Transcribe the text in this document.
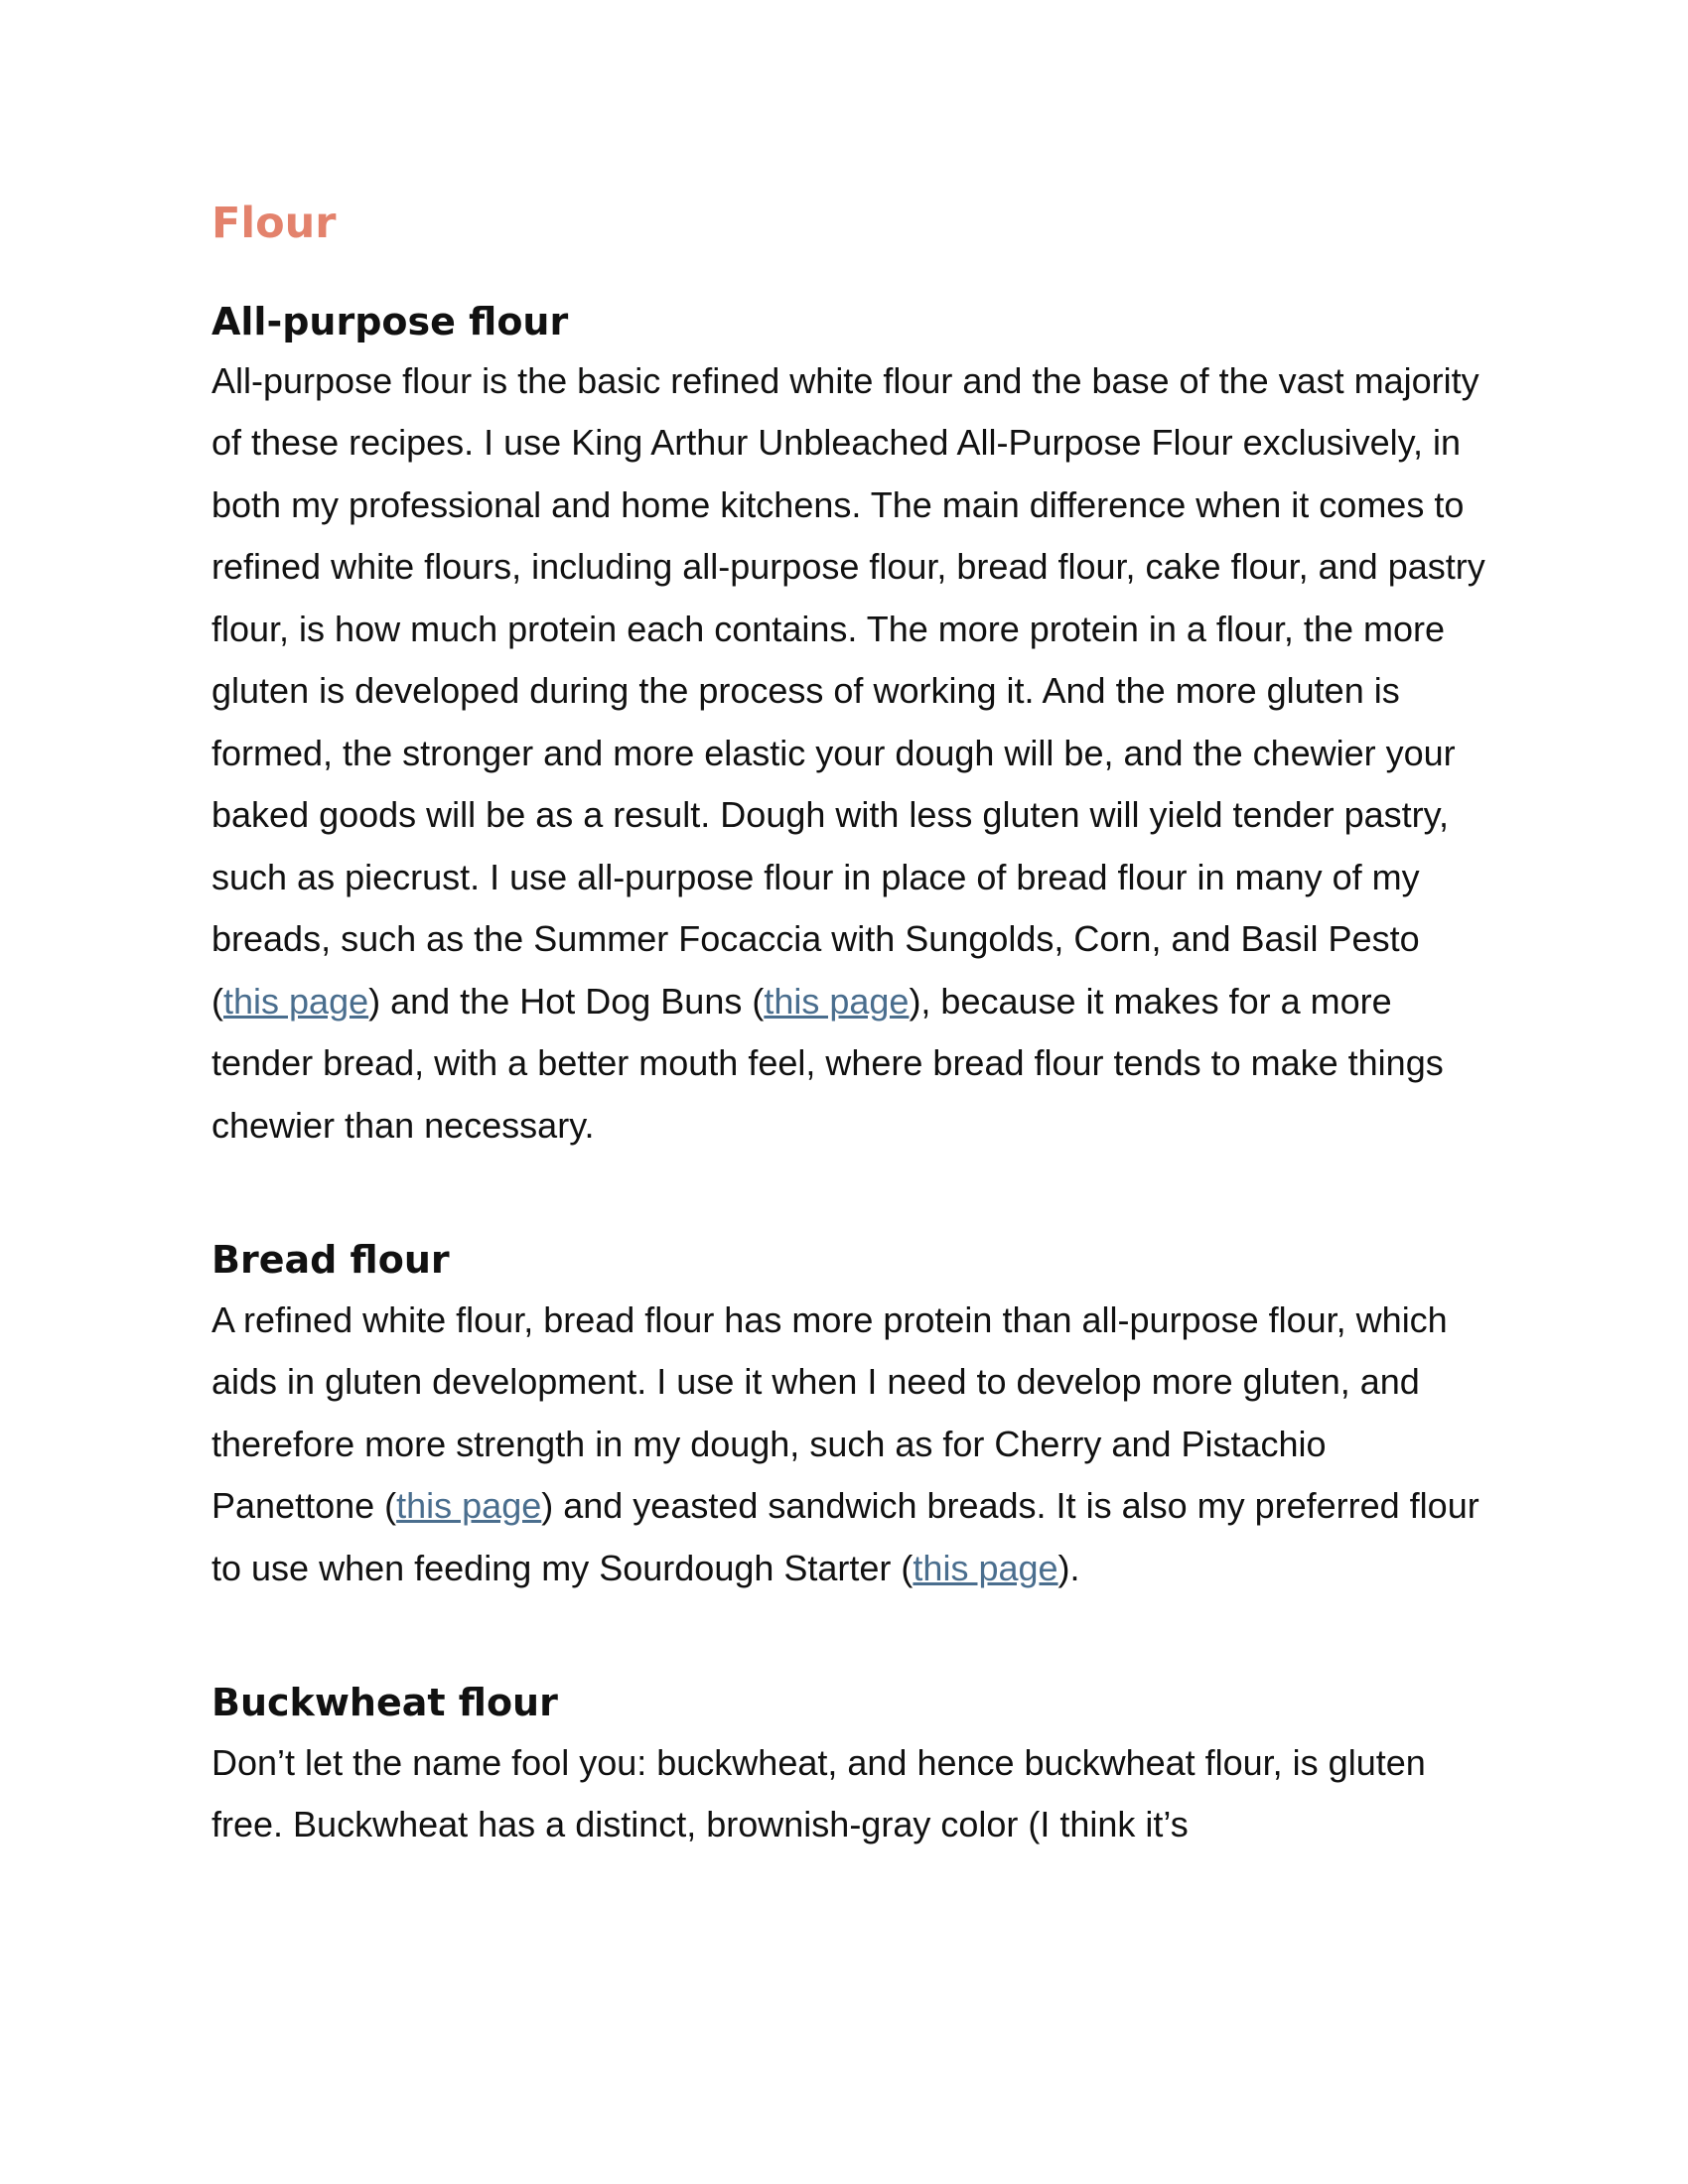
Flour
All-purpose flour

All-purpose flour is the basic refined white flour and the base of the vast majority of these recipes. I use King Arthur Unbleached All-Purpose Flour exclusively, in both my professional and home kitchens. The main difference when it comes to refined white flours, including all-purpose flour, bread flour, cake flour, and pastry flour, is how much protein each contains. The more protein in a flour, the more gluten is developed during the process of working it. And the more gluten is formed, the stronger and more elastic your dough will be, and the chewier your baked goods will be as a result. Dough with less gluten will yield tender pastry, such as piecrust. I use all-purpose flour in place of bread flour in many of my breads, such as the Summer Focaccia with Sungolds, Corn, and Basil Pesto (this page) and the Hot Dog Buns (this page), because it makes for a more tender bread, with a better mouth feel, where bread flour tends to make things chewier than necessary.

Bread flour

A refined white flour, bread flour has more protein than all-purpose flour, which aids in gluten development. I use it when I need to develop more gluten, and therefore more strength in my dough, such as for Cherry and Pistachio Panettone (this page) and yeasted sandwich breads. It is also my preferred flour to use when feeding my Sourdough Starter (this page).

Buckwheat flour

Don’t let the name fool you: buckwheat, and hence buckwheat flour, is gluten free. Buckwheat has a distinct, brownish-gray color (I think it’s
